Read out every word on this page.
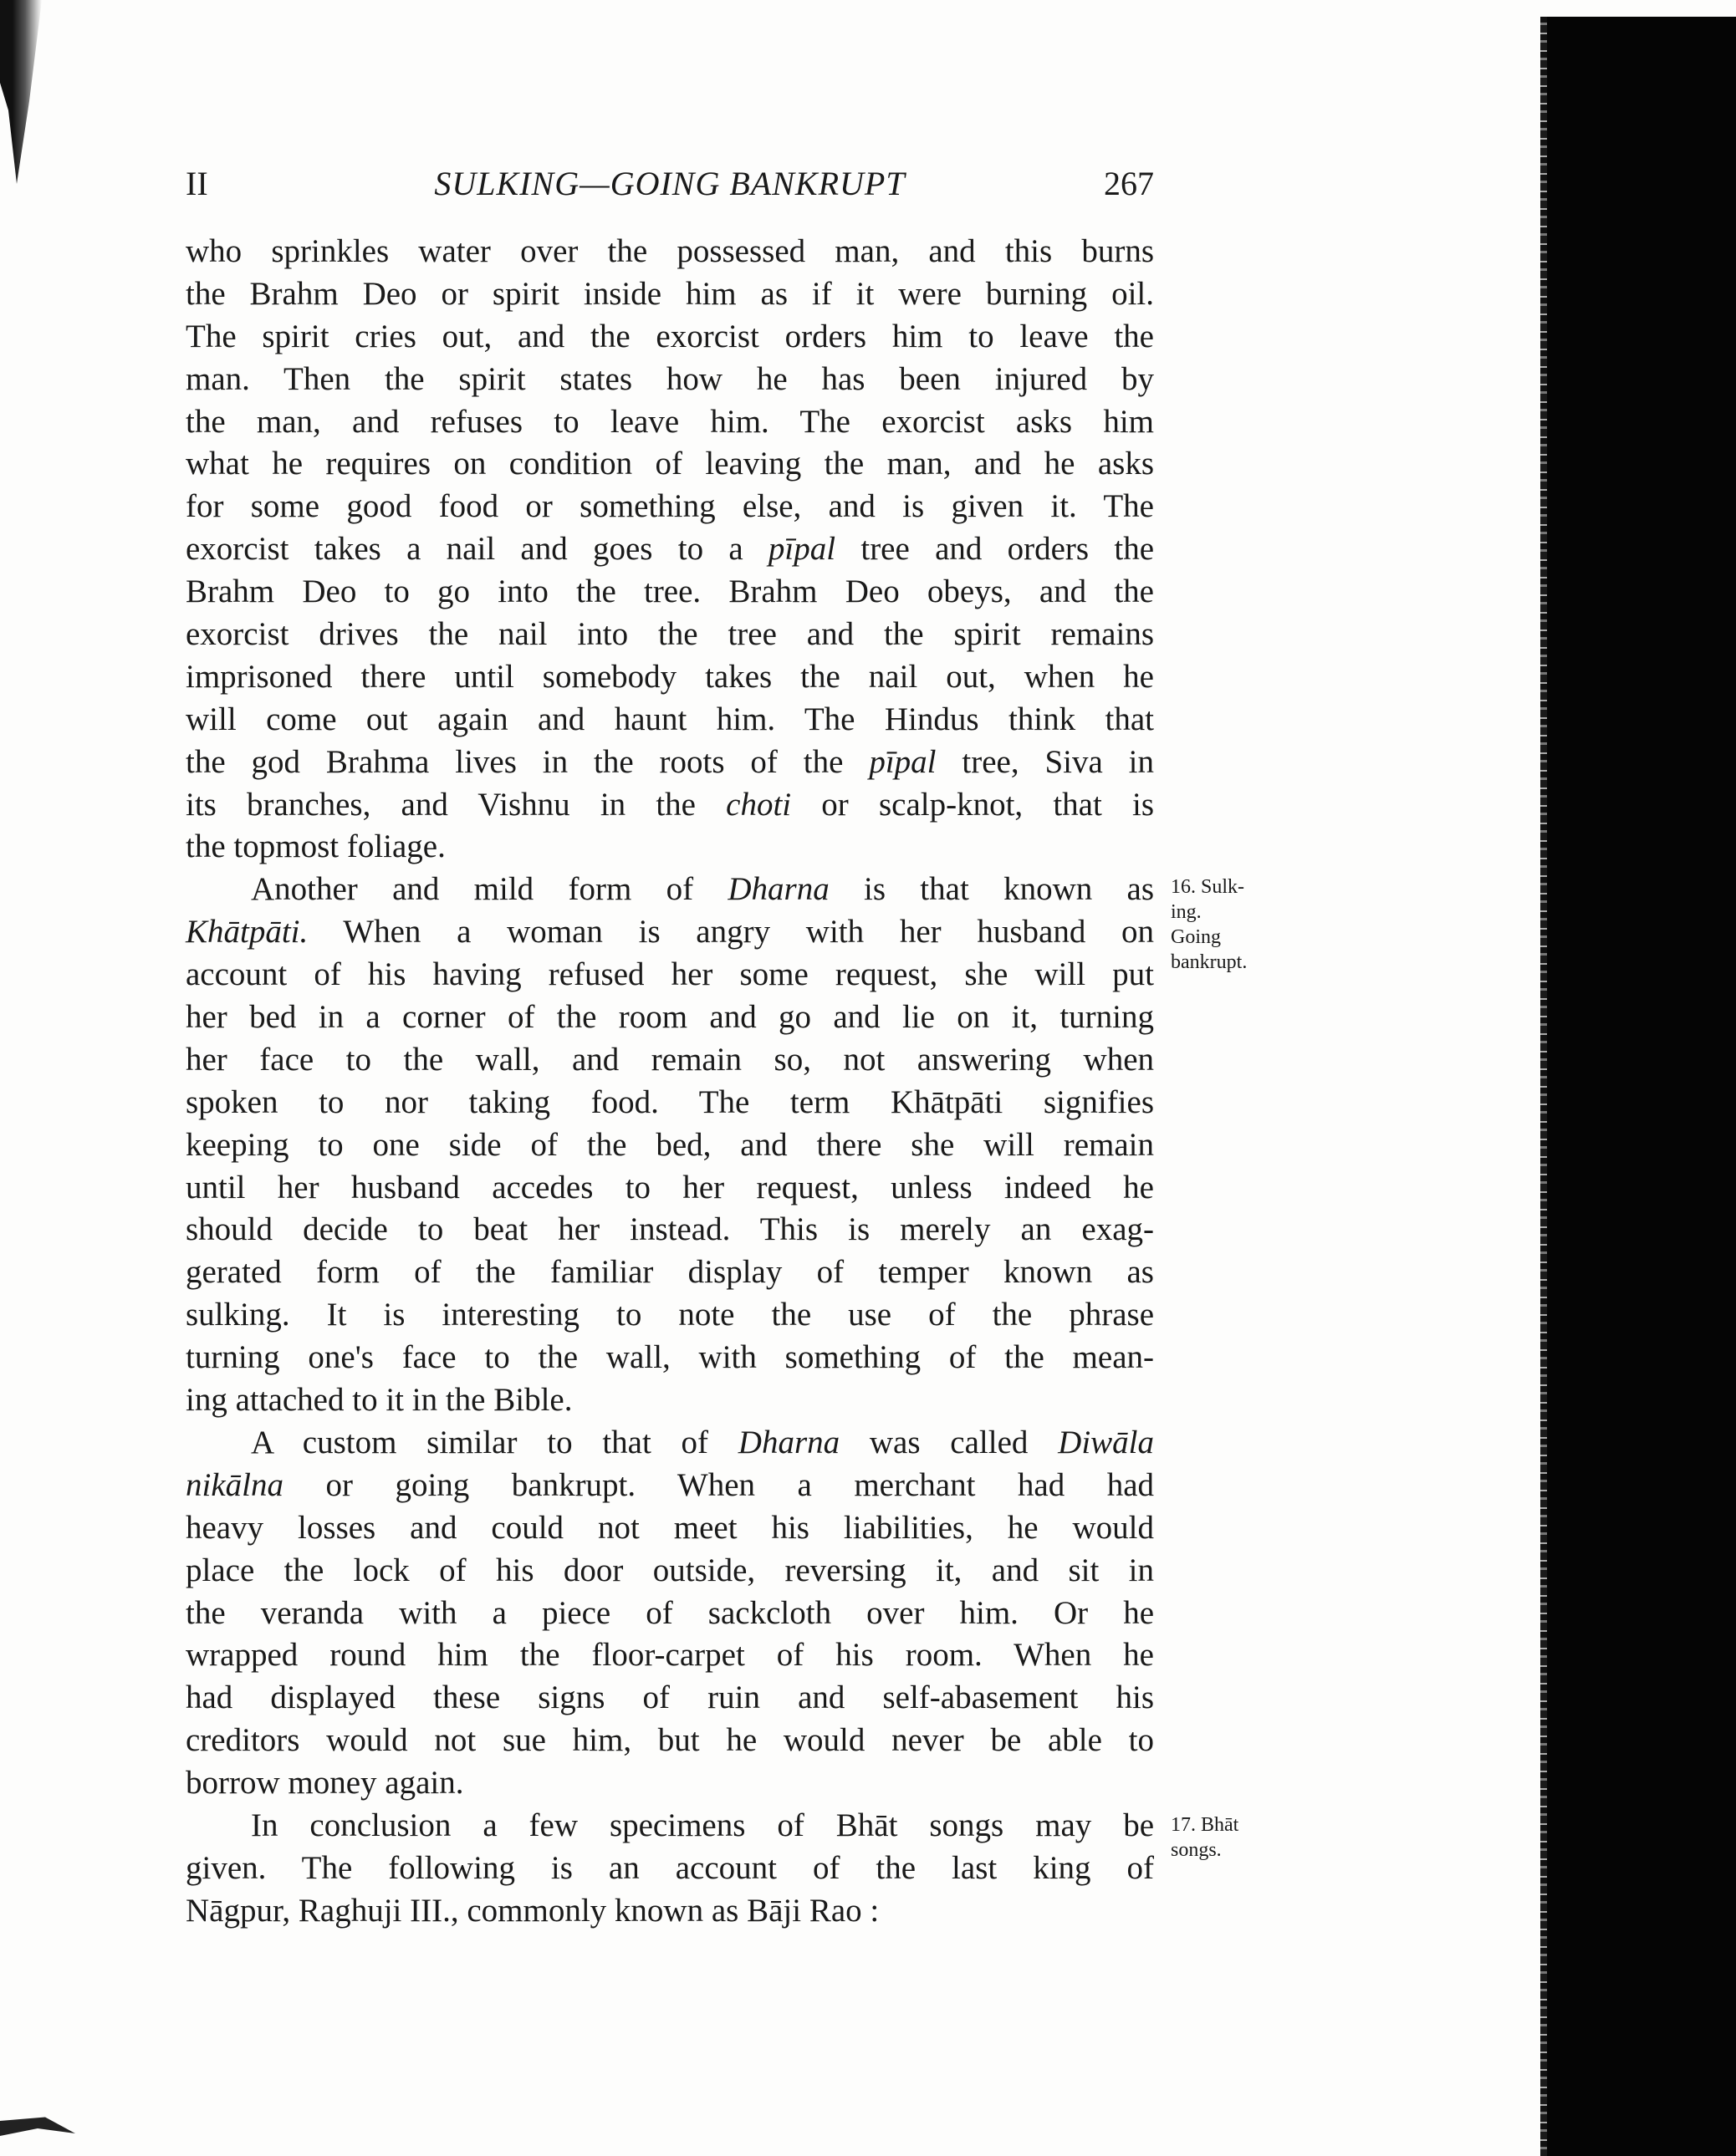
II	SULKING—GOING BANKRUPT	267
who sprinkles water over the possessed man, and this burns
the Brahm Deo or spirit inside him as if it were burning oil.
The spirit cries out, and the exorcist orders him to leave the
man. Then the spirit states how he has been injured by
the man, and refuses to leave him. The exorcist asks him
what he requires on condition of leaving the man, and he asks
for some good food or something else, and is given it. The
exorcist takes a nail and goes to a pīpal tree and orders the
Brahm Deo to go into the tree. Brahm Deo obeys, and the
exorcist drives the nail into the tree and the spirit remains
imprisoned there until somebody takes the nail out, when he
will come out again and haunt him. The Hindus think that
the god Brahma lives in the roots of the pīpal tree, Siva in
its branches, and Vishnu in the choti or scalp-knot, that is
the topmost foliage.
Another and mild form of Dharna is that known as
Khātpāti. When a woman is angry with her husband on
account of his having refused her some request, she will put
her bed in a corner of the room and go and lie on it, turning
her face to the wall, and remain so, not answering when
spoken to nor taking food. The term Khātpāti signifies
keeping to one side of the bed, and there she will remain
until her husband accedes to her request, unless indeed he
should decide to beat her instead. This is merely an exag-
gerated form of the familiar display of temper known as
sulking. It is interesting to note the use of the phrase
turning one's face to the wall, with something of the mean-
ing attached to it in the Bible.
A custom similar to that of Dharna was called Diwāla
nikālna or going bankrupt. When a merchant had had
heavy losses and could not meet his liabilities, he would
place the lock of his door outside, reversing it, and sit in
the veranda with a piece of sackcloth over him. Or he
wrapped round him the floor-carpet of his room. When he
had displayed these signs of ruin and self-abasement his
creditors would not sue him, but he would never be able to
borrow money again.
In conclusion a few specimens of Bhāt songs may be
given. The following is an account of the last king of
Nāgpur, Raghuji III., commonly known as Bāji Rao :
16. Sulk-
ing.
Going
bankrupt.
17. Bhāt
songs.
